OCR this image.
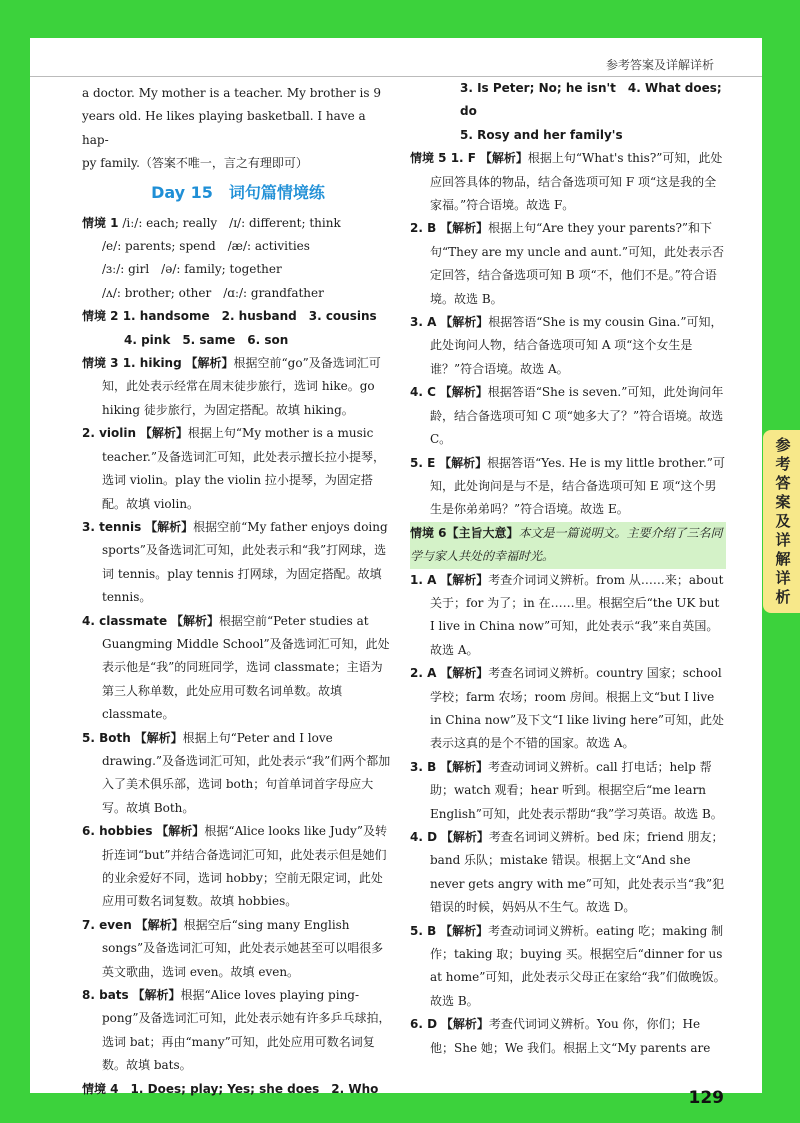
参考答案及详解详析
参
考
答
案
及
详
解
详
析
129
a doctor. My mother is a teacher. My brother is 9
years old. He likes playing basketball. I have a hap-
py family.（答案不唯一，言之有理即可）
Day 15　词句篇情境练
情境 1 /iː/: each; really　/ɪ/: different; think
/e/: parents; spend　/æ/: activities
/ɜː/: girl　/ə/: family; together
/ʌ/: brother; other　/ɑː/: grandfather
情境 2 1. handsome　2. husband　3. cousins
4. pink　5. same　6. son
情境 3 1. hiking 【解析】根据空前“go”及备选词汇可知，此处表示经常在周末徒步旅行，选词 hike。go hiking 徒步旅行，为固定搭配。故填 hiking。
2. violin 【解析】根据上句“My mother is a music teacher.”及备选词汇可知，此处表示擅长拉小提琴，选词 violin。play the violin 拉小提琴，为固定搭配。故填 violin。
3. tennis 【解析】根据空前“My father enjoys doing sports”及备选词汇可知，此处表示和“我”打网球，选词 tennis。play tennis 打网球，为固定搭配。故填 tennis。
4. classmate 【解析】根据空前“Peter studies at Guangming Middle School”及备选词汇可知，此处表示他是“我”的同班同学，选词 classmate；主语为第三人称单数，此处应用可数名词单数。故填 classmate。
5. Both 【解析】根据上句“Peter and I love drawing.”及备选词汇可知，此处表示“我”们两个都加入了美术俱乐部，选词 both；句首单词首字母应大写。故填 Both。
6. hobbies 【解析】根据“Alice looks like Judy”及转折连词“but”并结合备选词汇可知，此处表示但是她们的业余爱好不同，选词 hobby；空前无限定词，此处应用可数名词复数。故填 hobbies。
7. even 【解析】根据空后“sing many English songs”及备选词汇可知，此处表示她甚至可以唱很多英文歌曲，选词 even。故填 even。
8. bats 【解析】根据“Alice loves playing ping-pong”及备选词汇可知，此处表示她有许多乒乓球拍，选词 bat；再由“many”可知，此处应用可数名词复数。故填 bats。
情境 4　1. Does; play; Yes; she does　2. Who
3. Is Peter; No; he isn't　4. What does; do
5. Rosy and her family's
情境 5 1. F 【解析】根据上句“What's this?”可知，此处应回答具体的物品，结合备选项可知 F 项“这是我的全家福。”符合语境。故选 F。
2. B 【解析】根据上句“Are they your parents?”和下句“They are my uncle and aunt.”可知，此处表示否定回答，结合备选项可知 B 项“不，他们不是。”符合语境。故选 B。
3. A 【解析】根据答语“She is my cousin Gina.”可知，此处询问人物，结合备选项可知 A 项“这个女生是谁？”符合语境。故选 A。
4. C 【解析】根据答语“She is seven.”可知，此处询问年龄，结合备选项可知 C 项“她多大了？”符合语境。故选 C。
5. E 【解析】根据答语“Yes. He is my little brother.”可知，此处询问是与不是，结合备选项可知 E 项“这个男生是你弟弟吗？”符合语境。故选 E。
情境 6【主旨大意】本文是一篇说明文。主要介绍了三名同学与家人共处的幸福时光。
1. A 【解析】考查介词词义辨析。from 从……来；about 关于；for 为了；in 在……里。根据空后“the UK but I live in China now”可知，此处表示“我”来自英国。故选 A。
2. A 【解析】考查名词词义辨析。country 国家；school 学校；farm 农场；room 房间。根据上文“but I live in China now”及下文“I like living here”可知，此处表示这真的是个不错的国家。故选 A。
3. B 【解析】考查动词词义辨析。call 打电话；help 帮助；watch 观看；hear 听到。根据空后“me learn English”可知，此处表示帮助“我”学习英语。故选 B。
4. D 【解析】考查名词词义辨析。bed 床；friend 朋友；band 乐队；mistake 错误。根据上文“And she never gets angry with me”可知，此处表示当“我”犯错误的时候，妈妈从不生气。故选 D。
5. B 【解析】考查动词词义辨析。eating 吃；making 制作；taking 取；buying 买。根据空后“dinner for us at home”可知，此处表示父母正在家给“我”们做晚饭。故选 B。
6. D 【解析】考查代词词义辨析。You 你，你们；He 他；She 她；We 我们。根据上文“My parents are
